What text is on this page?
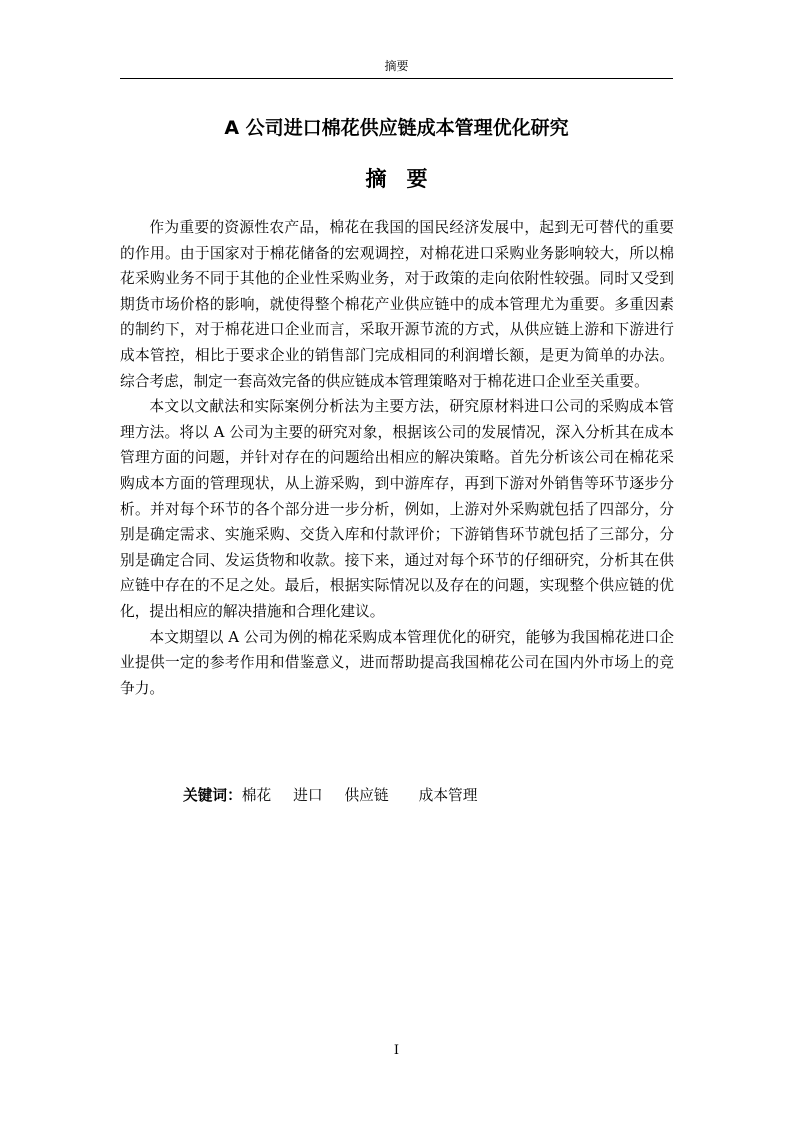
摘要
A 公司进口棉花供应链成本管理优化研究
摘要

作为重要的资源性农产品，棉花在我国的国民经济发展中，起到无可替代的重要的作用。由于国家对于棉花储备的宏观调控，对棉花进口采购业务影响较大，所以棉花采购业务不同于其他的企业性采购业务，对于政策的走向依附性较强。同时又受到期货市场价格的影响，就使得整个棉花产业供应链中的成本管理尤为重要。多重因素的制约下，对于棉花进口企业而言，采取开源节流的方式，从供应链上游和下游进行成本管控，相比于要求企业的销售部门完成相同的利润增长额，是更为简单的办法。综合考虑，制定一套高效完备的供应链成本管理策略对于棉花进口企业至关重要。

本文以文献法和实际案例分析法为主要方法，研究原材料进口公司的采购成本管理方法。将以 A 公司为主要的研究对象，根据该公司的发展情况，深入分析其在成本管理方面的问题，并针对存在的问题给出相应的解决策略。首先分析该公司在棉花采购成本方面的管理现状，从上游采购，到中游库存，再到下游对外销售等环节逐步分析。并对每个环节的各个部分进一步分析，例如，上游对外采购就包括了四部分，分别是确定需求、实施采购、交货入库和付款评价；下游销售环节就包括了三部分，分别是确定合同、发运货物和收款。接下来，通过对每个环节的仔细研究，分析其在供应链中存在的不足之处。最后，根据实际情况以及存在的问题，实现整个供应链的优化，提出相应的解决措施和合理化建议。

本文期望以 A 公司为例的棉花采购成本管理优化的研究，能够为我国棉花进口企业提供一定的参考作用和借鉴意义，进而帮助提高我国棉花公司在国内外市场上的竞争力。

关键词：棉花 进口 供应链 成本管理
I
